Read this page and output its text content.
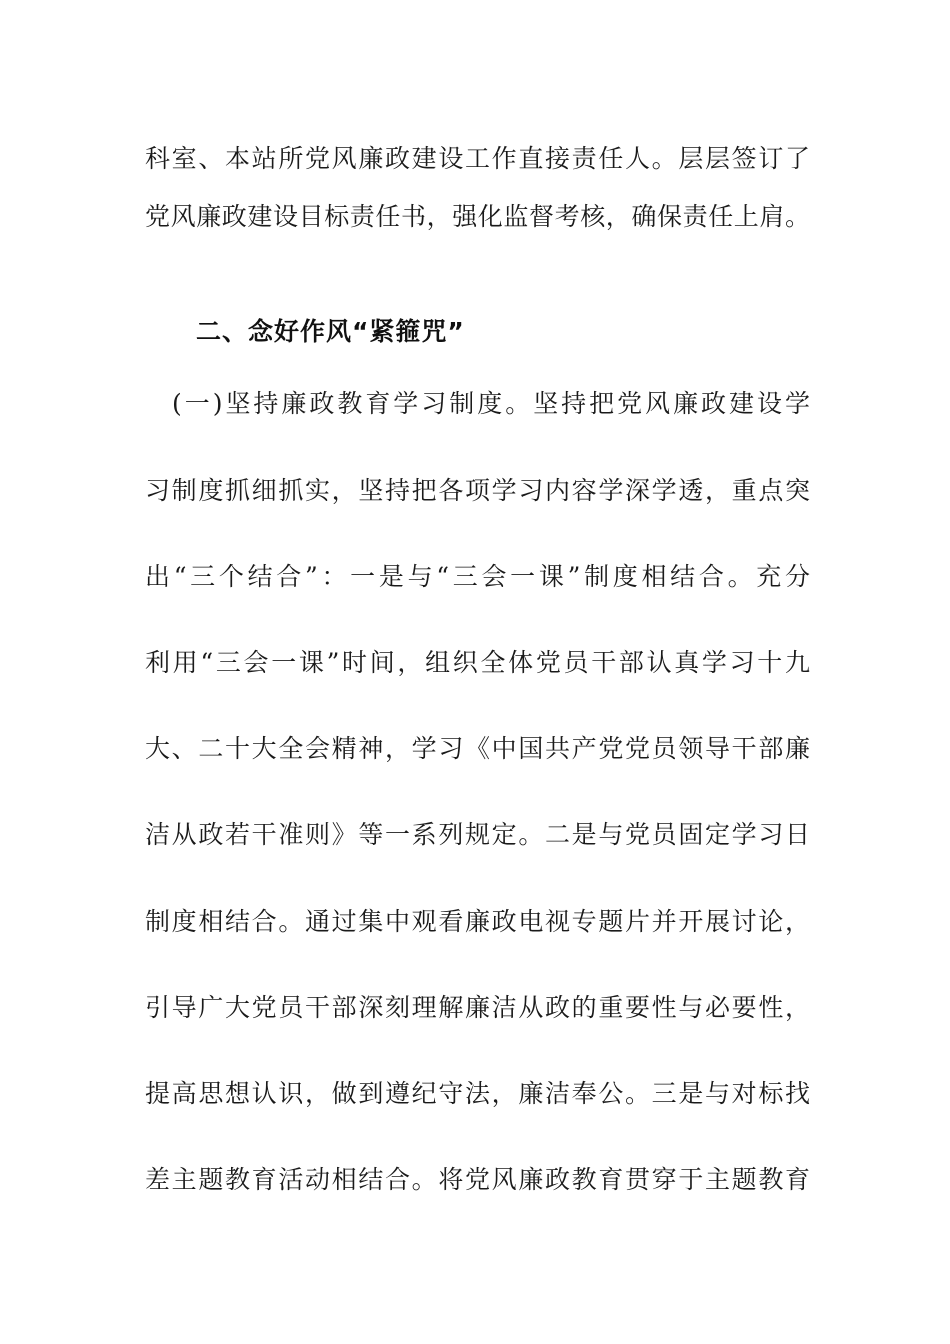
科室、本站所党风廉政建设工作直接责任人。层层签订了
党风廉政建设目标责任书，强化监督考核，确保责任上肩。
二、念好作风“紧箍咒”
(一)坚持廉政教育学习制度。坚持把党风廉政建设学
习制度抓细抓实，坚持把各项学习内容学深学透，重点突
出“三个结合”：一是与“三会一课”制度相结合。充分
利用“三会一课”时间，组织全体党员干部认真学习十九
大、二十大全会精神，学习《中国共产党党员领导干部廉
洁从政若干准则》等一系列规定。二是与党员固定学习日
制度相结合。通过集中观看廉政电视专题片并开展讨论，
引导广大党员干部深刻理解廉洁从政的重要性与必要性，
提高思想认识，做到遵纪守法，廉洁奉公。三是与对标找
差主题教育活动相结合。将党风廉政教育贯穿于主题教育
